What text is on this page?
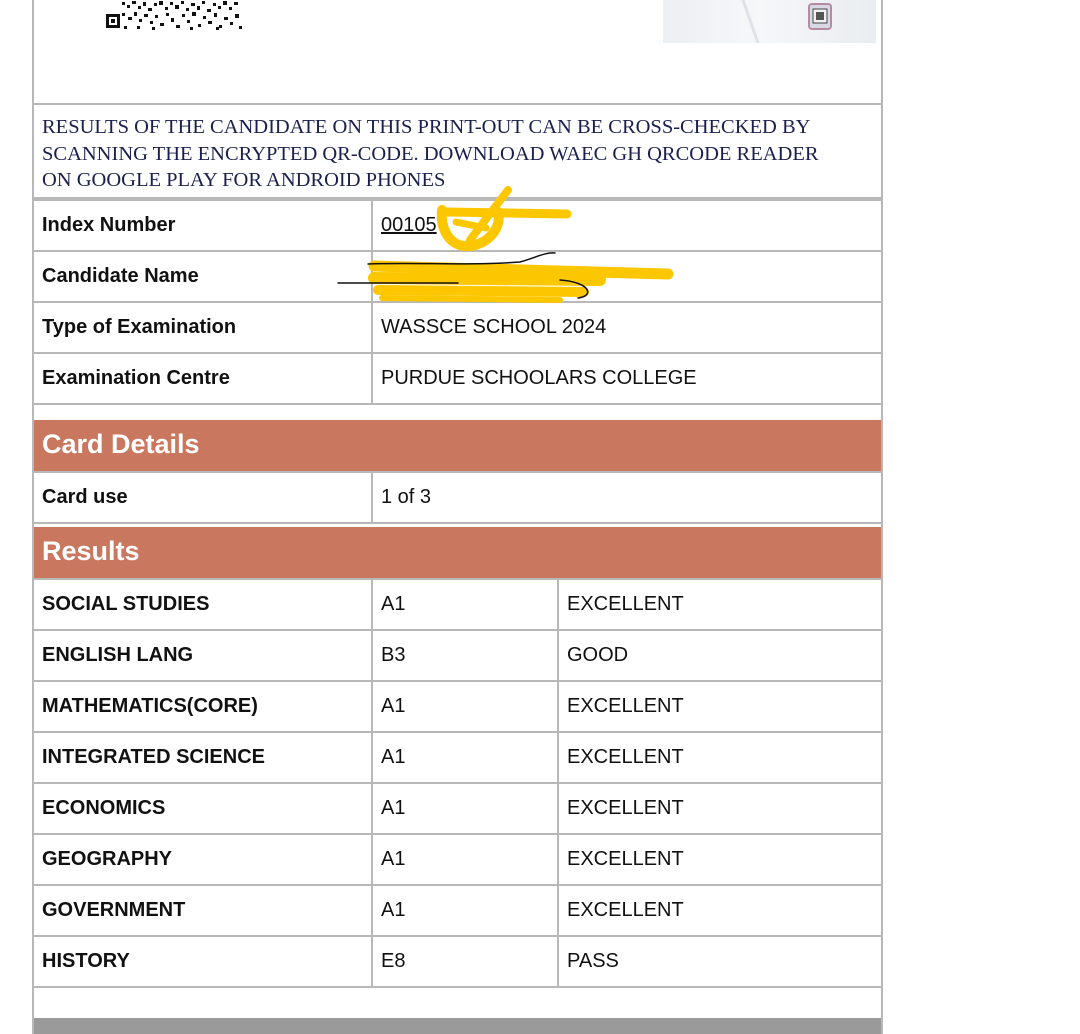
RESULTS OF THE CANDIDATE ON THIS PRINT-OUT CAN BE CROSS-CHECKED BY
SCANNING THE ENCRYPTED QR-CODE. DOWNLOAD WAEC GH QRCODE READER
ON GOOGLE PLAY FOR ANDROID PHONES
Index Number	00105
Candidate Name	
Type of Examination	WASSCE SCHOOL 2024
Examination Centre	PURDUE SCHOOLARS COLLEGE
Card Details
Card use	1 of 3
Results
SOCIAL STUDIES	A1	EXCELLENT
ENGLISH LANG	B3	GOOD
MATHEMATICS(CORE)	A1	EXCELLENT
INTEGRATED SCIENCE	A1	EXCELLENT
ECONOMICS	A1	EXCELLENT
GEOGRAPHY	A1	EXCELLENT
GOVERNMENT	A1	EXCELLENT
HISTORY	E8	PASS
